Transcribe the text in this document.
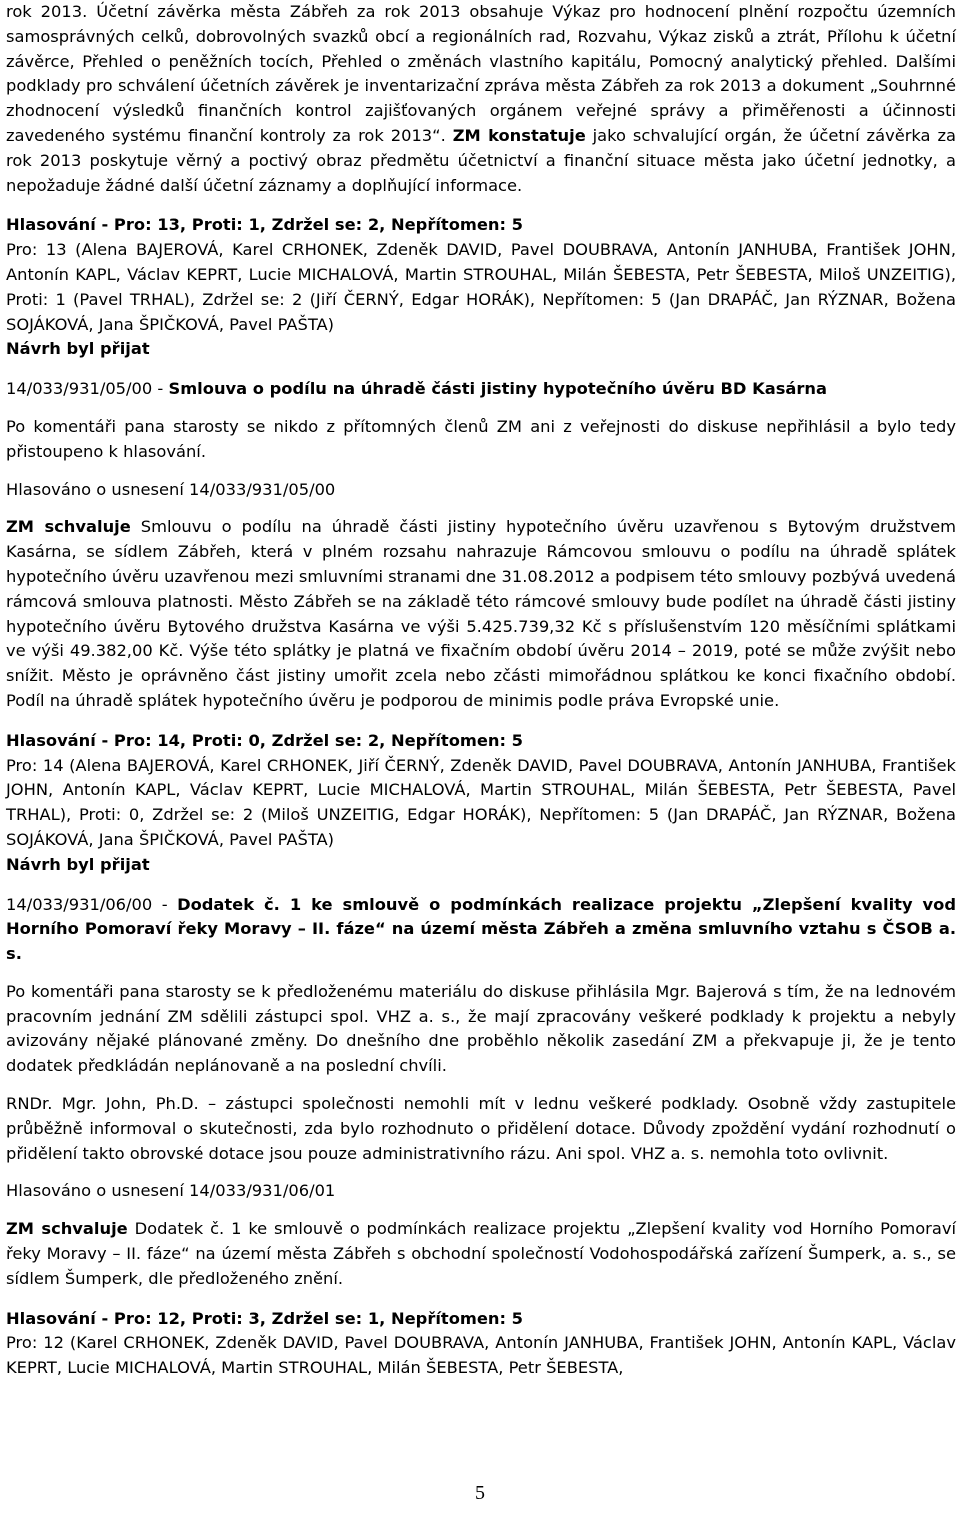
rok 2013. Účetní závěrka města Zábřeh za rok 2013 obsahuje Výkaz pro hodnocení plnění rozpočtu územních samosprávných celků, dobrovolných svazků obcí a regionálních rad, Rozvahu, Výkaz zisků a ztrát, Přílohu k účetní závěrce, Přehled o peněžních tocích, Přehled o změnách vlastního kapitálu, Pomocný analytický přehled. Dalšími podklady pro schválení účetních závěrek je inventarizační zpráva města Zábřeh za rok 2013 a dokument „Souhrnné zhodnocení výsledků finančních kontrol zajišťovaných orgánem veřejné správy a přiměřenosti a účinnosti zavedeného systému finanční kontroly za rok 2013“. ZM konstatuje jako schvalující orgán, že účetní závěrka za rok 2013 poskytuje věrný a poctivý obraz předmětu účetnictví a finanční situace města jako účetní jednotky, a nepožaduje žádné další účetní záznamy a doplňující informace.

Hlasování - Pro: 13, Proti: 1, Zdržel se: 2, Nepřítomen: 5

Pro: 13 (Alena BAJEROVÁ, Karel CRHONEK, Zdeněk DAVID, Pavel DOUBRAVA, Antonín JANHUBA, František JOHN, Antonín KAPL, Václav KEPRT, Lucie MICHALOVÁ, Martin STROUHAL, Milán ŠEBESTA, Petr ŠEBESTA, Miloš UNZEITIG), Proti: 1 (Pavel TRHAL), Zdržel se: 2 (Jiří ČERNÝ, Edgar HORÁK), Nepřítomen: 5 (Jan DRAPÁČ, Jan RÝZNAR, Božena SOJÁKOVÁ, Jana ŠPIČKOVÁ, Pavel PAŠTA)

Návrh byl přijat

14/033/931/05/00 - Smlouva o podílu na úhradě části jistiny hypotečního úvěru BD Kasárna

Po komentáři pana starosty se nikdo z přítomných členů ZM ani z veřejnosti do diskuse nepřihlásil a bylo tedy přistoupeno k hlasování.

Hlasováno o usnesení 14/033/931/05/00

ZM schvaluje Smlouvu o podílu na úhradě části jistiny hypotečního úvěru uzavřenou s Bytovým družstvem Kasárna, se sídlem Zábřeh, která v plném rozsahu nahrazuje Rámcovou smlouvu o podílu na úhradě splátek hypotečního úvěru uzavřenou mezi smluvními stranami dne 31.08.2012 a podpisem této smlouvy pozbývá uvedená rámcová smlouva platnosti. Město Zábřeh se na základě této rámcové smlouvy bude podílet na úhradě části jistiny hypotečního úvěru Bytového družstva Kasárna ve výši 5.425.739,32 Kč s příslušenstvím 120 měsíčními splátkami ve výši 49.382,00 Kč. Výše této splátky je platná ve fixačním období úvěru 2014 – 2019, poté se může zvýšit nebo snížit. Město je oprávněno část jistiny umořit zcela nebo zčásti mimořádnou splátkou ke konci fixačního období. Podíl na úhradě splátek hypotečního úvěru je podporou de minimis podle práva Evropské unie.

Hlasování - Pro: 14, Proti: 0, Zdržel se: 2, Nepřítomen: 5

Pro: 14 (Alena BAJEROVÁ, Karel CRHONEK, Jiří ČERNÝ, Zdeněk DAVID, Pavel DOUBRAVA, Antonín JANHUBA, František JOHN, Antonín KAPL, Václav KEPRT, Lucie MICHALOVÁ, Martin STROUHAL, Milán ŠEBESTA, Petr ŠEBESTA, Pavel TRHAL), Proti: 0, Zdržel se: 2 (Miloš UNZEITIG, Edgar HORÁK), Nepřítomen: 5 (Jan DRAPÁČ, Jan RÝZNAR, Božena SOJÁKOVÁ, Jana ŠPIČKOVÁ, Pavel PAŠTA)

Návrh byl přijat

14/033/931/06/00 - Dodatek č. 1 ke smlouvě o podmínkách realizace projektu „Zlepšení kvality vod Horního Pomoraví řeky Moravy – II. fáze“ na území města Zábřeh a změna smluvního vztahu s ČSOB a. s.

Po komentáři pana starosty se k předloženému materiálu do diskuse přihlásila Mgr. Bajerová s tím, že na lednovém pracovním jednání ZM sdělili zástupci spol. VHZ a. s., že mají zpracovány veškeré podklady k projektu a nebyly avizovány nějaké plánované změny. Do dnešního dne proběhlo několik zasedání ZM a překvapuje ji, že je tento dodatek předkládán neplánovaně a na poslední chvíli.

RNDr. Mgr. John, Ph.D. – zástupci společnosti nemohli mít v lednu veškeré podklady. Osobně vždy zastupitele průběžně informoval o skutečnosti, zda bylo rozhodnuto o přidělení dotace. Důvody zpoždění vydání rozhodnutí o přidělení takto obrovské dotace jsou pouze administrativního rázu. Ani spol. VHZ a. s. nemohla toto ovlivnit.

Hlasováno o usnesení 14/033/931/06/01

ZM schvaluje Dodatek č. 1 ke smlouvě o podmínkách realizace projektu „Zlepšení kvality vod Horního Pomoraví řeky Moravy – II. fáze“ na území města Zábřeh s obchodní společností Vodohospodářská zařízení Šumperk, a. s., se sídlem Šumperk, dle předloženého znění.

Hlasování - Pro: 12, Proti: 3, Zdržel se: 1, Nepřítomen: 5

Pro: 12 (Karel CRHONEK, Zdeněk DAVID, Pavel DOUBRAVA, Antonín JANHUBA, František JOHN, Antonín KAPL, Václav KEPRT, Lucie MICHALOVÁ, Martin STROUHAL, Milán ŠEBESTA, Petr ŠEBESTA,

5
